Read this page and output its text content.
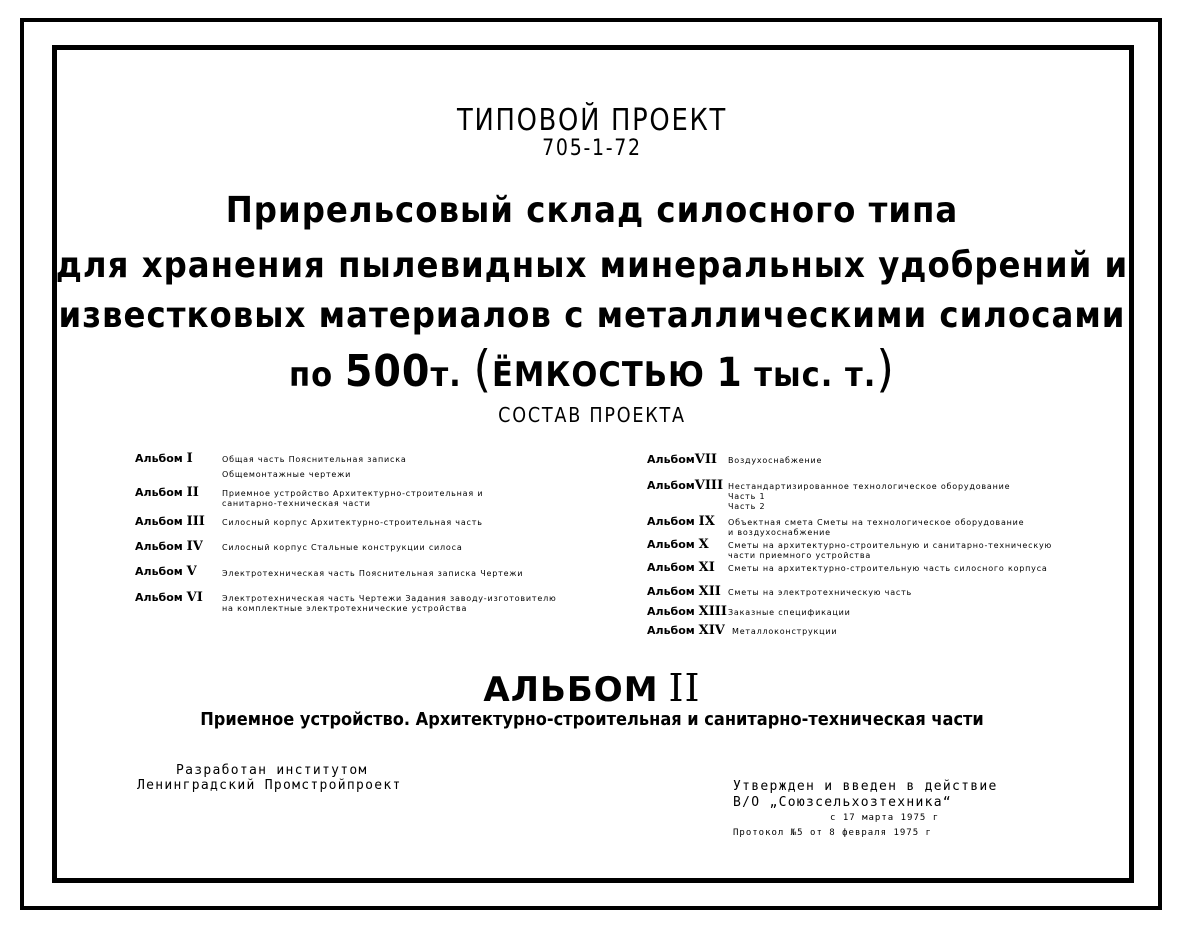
ТИПОВОЙ ПРОЕКТ
705-1-72
Прирельсовый склад силосного типа
для хранения пылевидных минеральных удобрений и
известковых материалов с металлическими силосами
по 500т. (ЁМКОСТЬЮ 1 тыс. т.)
СОСТАВ ПРОЕКТА
Альбом I	Общая часть Пояснительная записка
Общемонтажные чертежи
Альбом II	Приемное устройство Архитектурно-строительная и
санитарно-техническая части
Альбом III Силосный корпус Архитектурно-строительная часть
Альбом IV Силосный корпус Стальные конструкции силоса
Альбом V	Электротехническая часть Пояснительная записка Чертежи
Альбом VI Электротехническая часть Чертежи Задания заводу-изготовителю
на комплектные электротехнические устройства
АльбомVII Воздухоснабжение
АльбомVIII Нестандартизированное технологическое оборудование
Часть 1
Часть 2
Альбом IX Объектная смета Сметы на технологическое оборудование
и воздухоснабжение
Альбом X Сметы на архитектурно-строительную и санитарно-техническую
части приемного устройства
Альбом XI Сметы на архитектурно-строительную часть силосного корпуса
Альбом XII Сметы на электротехническую часть
Альбом XIII Заказные спецификации
Альбом XIV Металлоконструкции
АЛЬБОМ II
Приемное устройство. Архитектурно-строительная и санитарно-техническая части
Разработан институтом
Ленинградский Промстройпроект	Утвержден и введен в действие
В/О „Союзсельхозтехника“
с 17 марта 1975 г
Протокол №5 от 8 февраля 1975 г
